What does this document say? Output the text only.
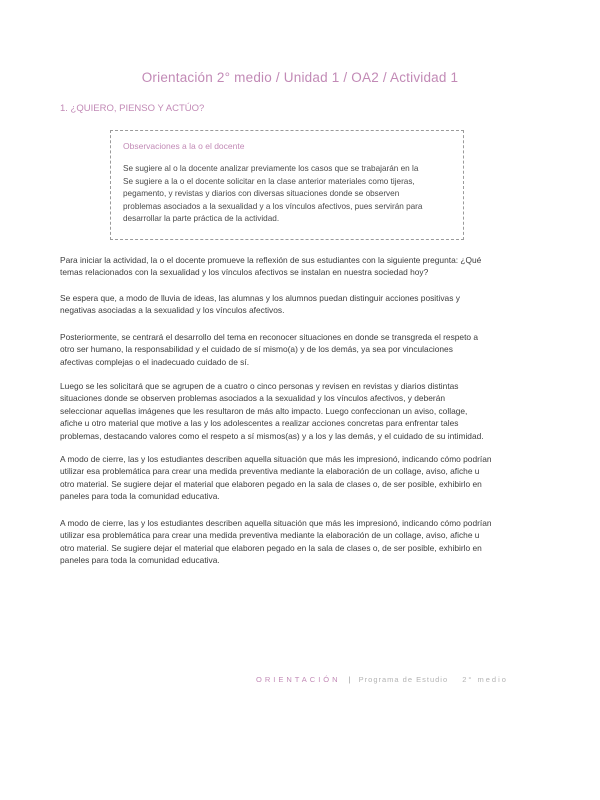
Orientación 2° medio / Unidad 1 / OA2 / Actividad 1
1. ¿QUIERO, PIENSO Y ACTÚO?
Observaciones a la o el docente
Se sugiere al o la docente analizar previamente los casos que se trabajarán en la
Se sugiere a la o el docente solicitar en la clase anterior materiales como tijeras,
pegamento, y revistas y diarios con diversas situaciones donde se observen
problemas asociados a la sexualidad y a los vínculos afectivos, pues servirán para
desarrollar la parte práctica de la actividad.
Para iniciar la actividad, la o el docente promueve la reflexión de sus estudiantes con la siguiente pregunta: ¿Qué
temas relacionados con la sexualidad y los vínculos afectivos se instalan en nuestra sociedad hoy?
Se espera que, a modo de lluvia de ideas, las alumnas y los alumnos puedan distinguir acciones positivas y
negativas asociadas a la sexualidad y los vínculos afectivos.
Posteriormente, se centrará el desarrollo del tema en reconocer situaciones en donde se transgreda el respeto a
otro ser humano, la responsabilidad y el cuidado de sí mismo(a) y de los demás, ya sea por vinculaciones
afectivas complejas o el inadecuado cuidado de sí.
Luego se les solicitará que se agrupen de a cuatro o cinco personas y revisen en revistas y diarios distintas
situaciones donde se observen problemas asociados a la sexualidad y los vínculos afectivos, y deberán
seleccionar aquellas imágenes que les resultaron de más alto impacto. Luego confeccionan un aviso, collage,
afiche u otro material que motive a las y los adolescentes a realizar acciones concretas para enfrentar tales
problemas, destacando valores como el respeto a sí mismos(as) y a los y las demás, y el cuidado de su intimidad.
A modo de cierre, las y los estudiantes describen aquella situación que más les impresionó, indicando cómo podrían
utilizar esa problemática para crear una medida preventiva mediante la elaboración de un collage, aviso, afiche u
otro material. Se sugiere dejar el material que elaboren pegado en la sala de clases o, de ser posible, exhibirlo en
paneles para toda la comunidad educativa.
A modo de cierre, las y los estudiantes describen aquella situación que más les impresionó, indicando cómo podrían
utilizar esa problemática para crear una medida preventiva mediante la elaboración de un collage, aviso, afiche u
otro material. Se sugiere dejar el material que elaboren pegado en la sala de clases o, de ser posible, exhibirlo en
paneles para toda la comunidad educativa.
ORIENTACIÓN | Programa de Estudio 2° medio
